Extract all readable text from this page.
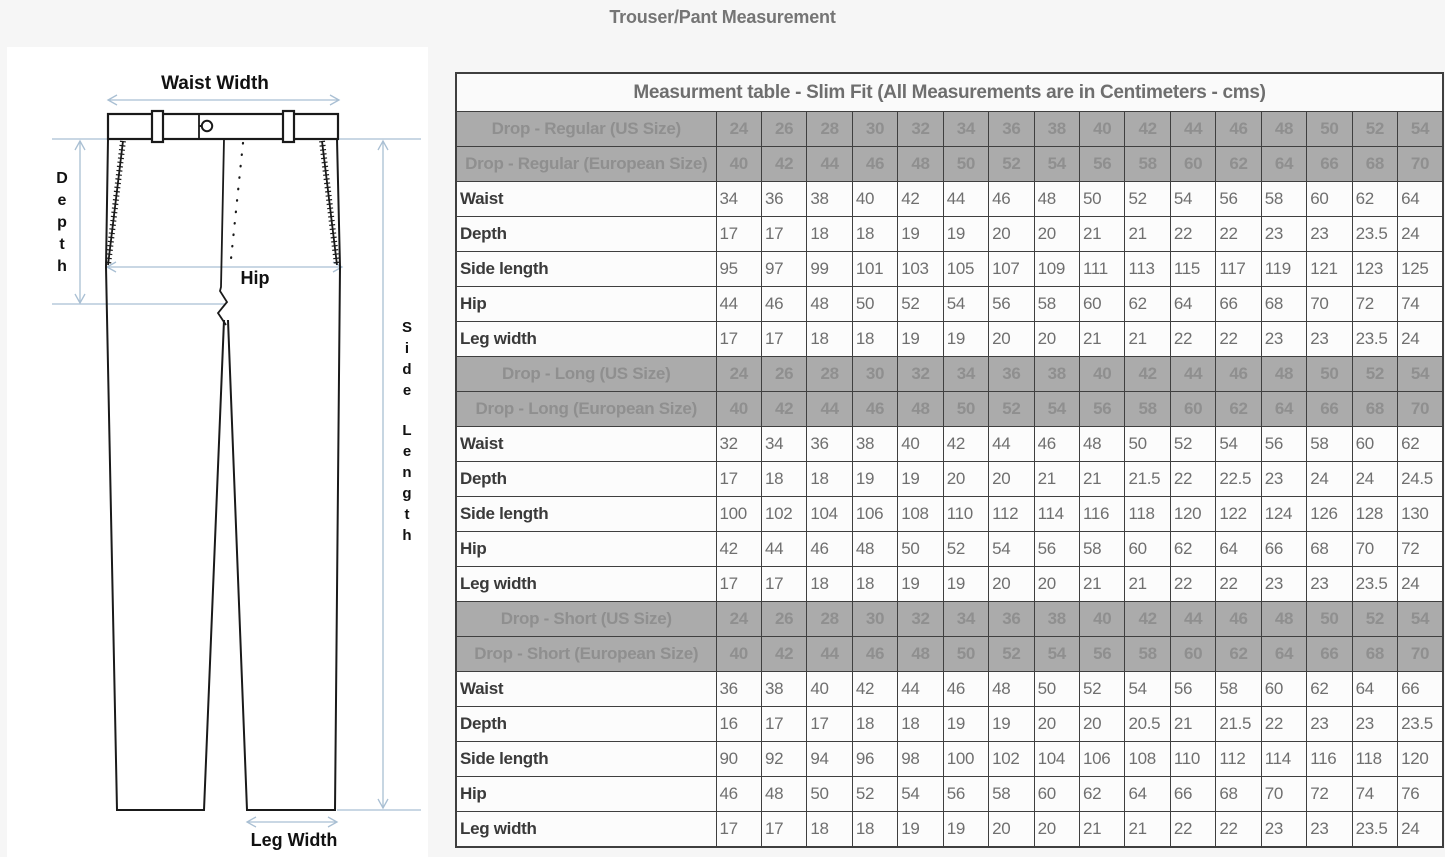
Trouser/Pant Measurement
Waist Width
D e p t h
Hip
S i d e L e n g t h
Leg Width
Measurment table - Slim Fit (All Measurements are in Centimeters - cms)																
Drop - Regular (US Size)	24	26	28	30	32	34	36	38	40	42	44	46	48	50	52	54
Drop - Regular (European Size)	40	42	44	46	48	50	52	54	56	58	60	62	64	66	68	70
Waist	34	36	38	40	42	44	46	48	50	52	54	56	58	60	62	64
Depth	17	17	18	18	19	19	20	20	21	21	22	22	23	23	23.5	24
Side length	95	97	99	101	103	105	107	109	111	113	115	117	119	121	123	125
Hip	44	46	48	50	52	54	56	58	60	62	64	66	68	70	72	74
Leg width	17	17	18	18	19	19	20	20	21	21	22	22	23	23	23.5	24
Drop - Long (US Size)	24	26	28	30	32	34	36	38	40	42	44	46	48	50	52	54
Drop - Long (European Size)	40	42	44	46	48	50	52	54	56	58	60	62	64	66	68	70
Waist	32	34	36	38	40	42	44	46	48	50	52	54	56	58	60	62
Depth	17	18	18	19	19	20	20	21	21	21.5	22	22.5	23	24	24	24.5
Side length	100	102	104	106	108	110	112	114	116	118	120	122	124	126	128	130
Hip	42	44	46	48	50	52	54	56	58	60	62	64	66	68	70	72
Leg width	17	17	18	18	19	19	20	20	21	21	22	22	23	23	23.5	24
Drop - Short (US Size)	24	26	28	30	32	34	36	38	40	42	44	46	48	50	52	54
Drop - Short (European Size)	40	42	44	46	48	50	52	54	56	58	60	62	64	66	68	70
Waist	36	38	40	42	44	46	48	50	52	54	56	58	60	62	64	66
Depth	16	17	17	18	18	19	19	20	20	20.5	21	21.5	22	23	23	23.5
Side length	90	92	94	96	98	100	102	104	106	108	110	112	114	116	118	120
Hip	46	48	50	52	54	56	58	60	62	64	66	68	70	72	74	76
Leg width	17	17	18	18	19	19	20	20	21	21	22	22	23	23	23.5	24
